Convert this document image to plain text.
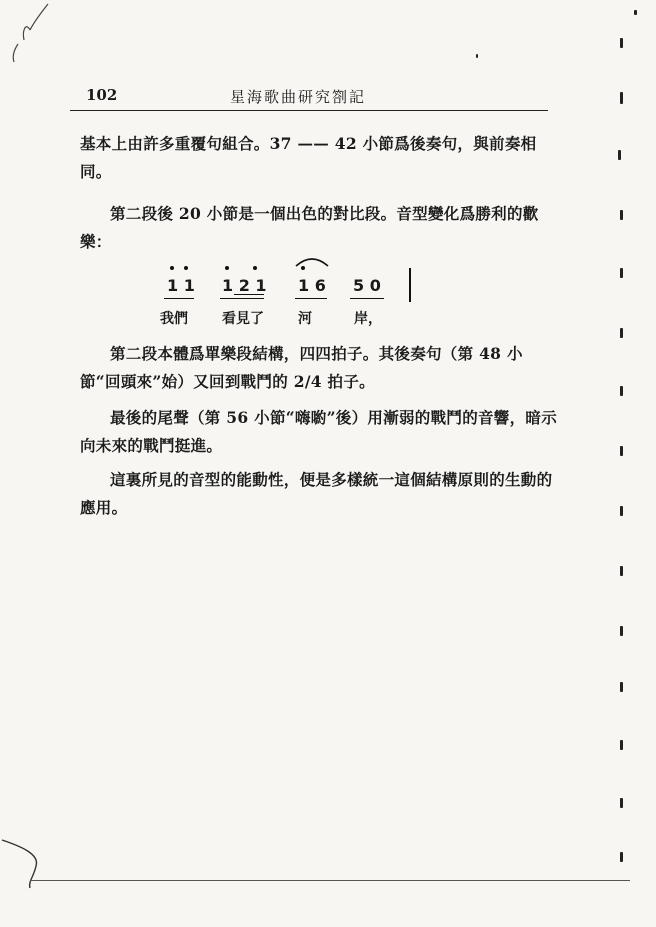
102	星海歌曲研究劄記

基本上由許多重覆句組合。37 —— 42 小節爲後奏句，與前奏相同。

第二段後 20 小節是一個出色的對比段。音型變化爲勝利的歡樂：

1 1 1 2 1 1 6 5 0
我們 看見了 河	岸，

第二段本體爲單樂段結構，四四拍子。其後奏句（第 48 小節“回頭來”始）又回到戰鬥的 2/4 拍子。

最後的尾聲（第 56 小節“嗨喲”後）用漸弱的戰鬥的音響，暗示向未來的戰鬥挺進。

這裏所見的音型的能動性，便是多樣統一這個結構原則的生動的應用。
